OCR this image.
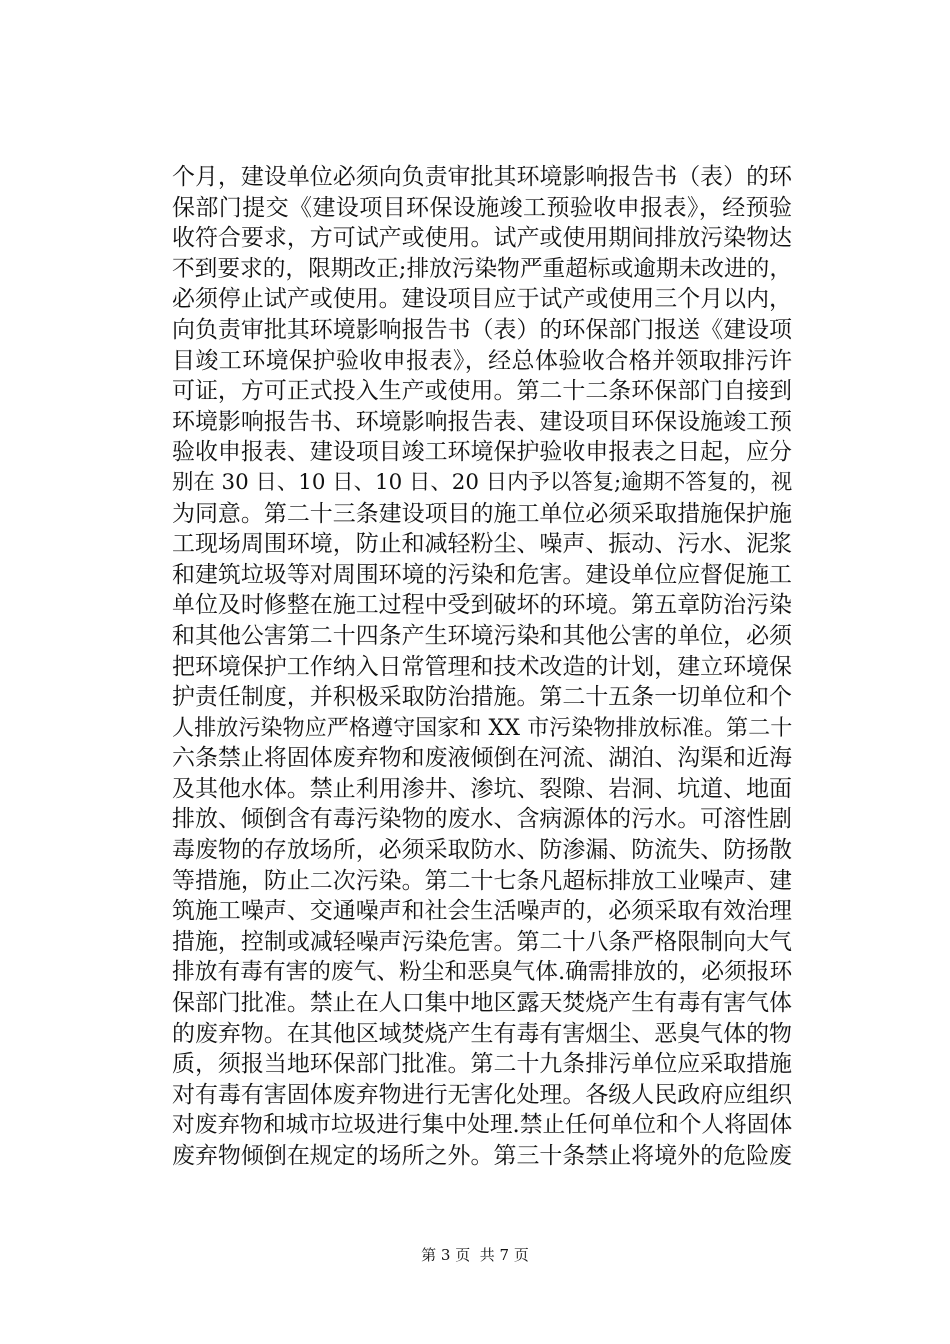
个月，建设单位必须向负责审批其环境影响报告书（表）的环
保部门提交《建设项目环保设施竣工预验收申报表》，经预验
收符合要求，方可试产或使用。试产或使用期间排放污染物达
不到要求的，限期改正;排放污染物严重超标或逾期未改进的，
必须停止试产或使用。建设项目应于试产或使用三个月以内，
向负责审批其环境影响报告书（表）的环保部门报送《建设项
目竣工环境保护验收申报表》，经总体验收合格并领取排污许
可证，方可正式投入生产或使用。第二十二条环保部门自接到
环境影响报告书、环境影响报告表、建设项目环保设施竣工预
验收申报表、建设项目竣工环境保护验收申报表之日起，应分
别在 30 日、10 日、10 日、20 日内予以答复;逾期不答复的，视
为同意。第二十三条建设项目的施工单位必须采取措施保护施
工现场周围环境，防止和减轻粉尘、噪声、振动、污水、泥浆
和建筑垃圾等对周围环境的污染和危害。建设单位应督促施工
单位及时修整在施工过程中受到破坏的环境。第五章防治污染
和其他公害第二十四条产生环境污染和其他公害的单位，必须
把环境保护工作纳入日常管理和技术改造的计划，建立环境保
护责任制度，并积极采取防治措施。第二十五条一切单位和个
人排放污染物应严格遵守国家和 XX 市污染物排放标准。第二十
六条禁止将固体废弃物和废液倾倒在河流、湖泊、沟渠和近海
及其他水体。禁止利用渗井、渗坑、裂隙、岩洞、坑道、地面
排放、倾倒含有毒污染物的废水、含病源体的污水。可溶性剧
毒废物的存放场所，必须采取防水、防渗漏、防流失、防扬散
等措施，防止二次污染。第二十七条凡超标排放工业噪声、建
筑施工噪声、交通噪声和社会生活噪声的，必须采取有效治理
措施，控制或减轻噪声污染危害。第二十八条严格限制向大气
排放有毒有害的废气、粉尘和恶臭气体.确需排放的，必须报环
保部门批准。禁止在人口集中地区露天焚烧产生有毒有害气体
的废弃物。在其他区域焚烧产生有毒有害烟尘、恶臭气体的物
质，须报当地环保部门批准。第二十九条排污单位应采取措施
对有毒有害固体废弃物进行无害化处理。各级人民政府应组织
对废弃物和城市垃圾进行集中处理.禁止任何单位和个人将固体
废弃物倾倒在规定的场所之外。第三十条禁止将境外的危险废
第 3 页  共 7 页
